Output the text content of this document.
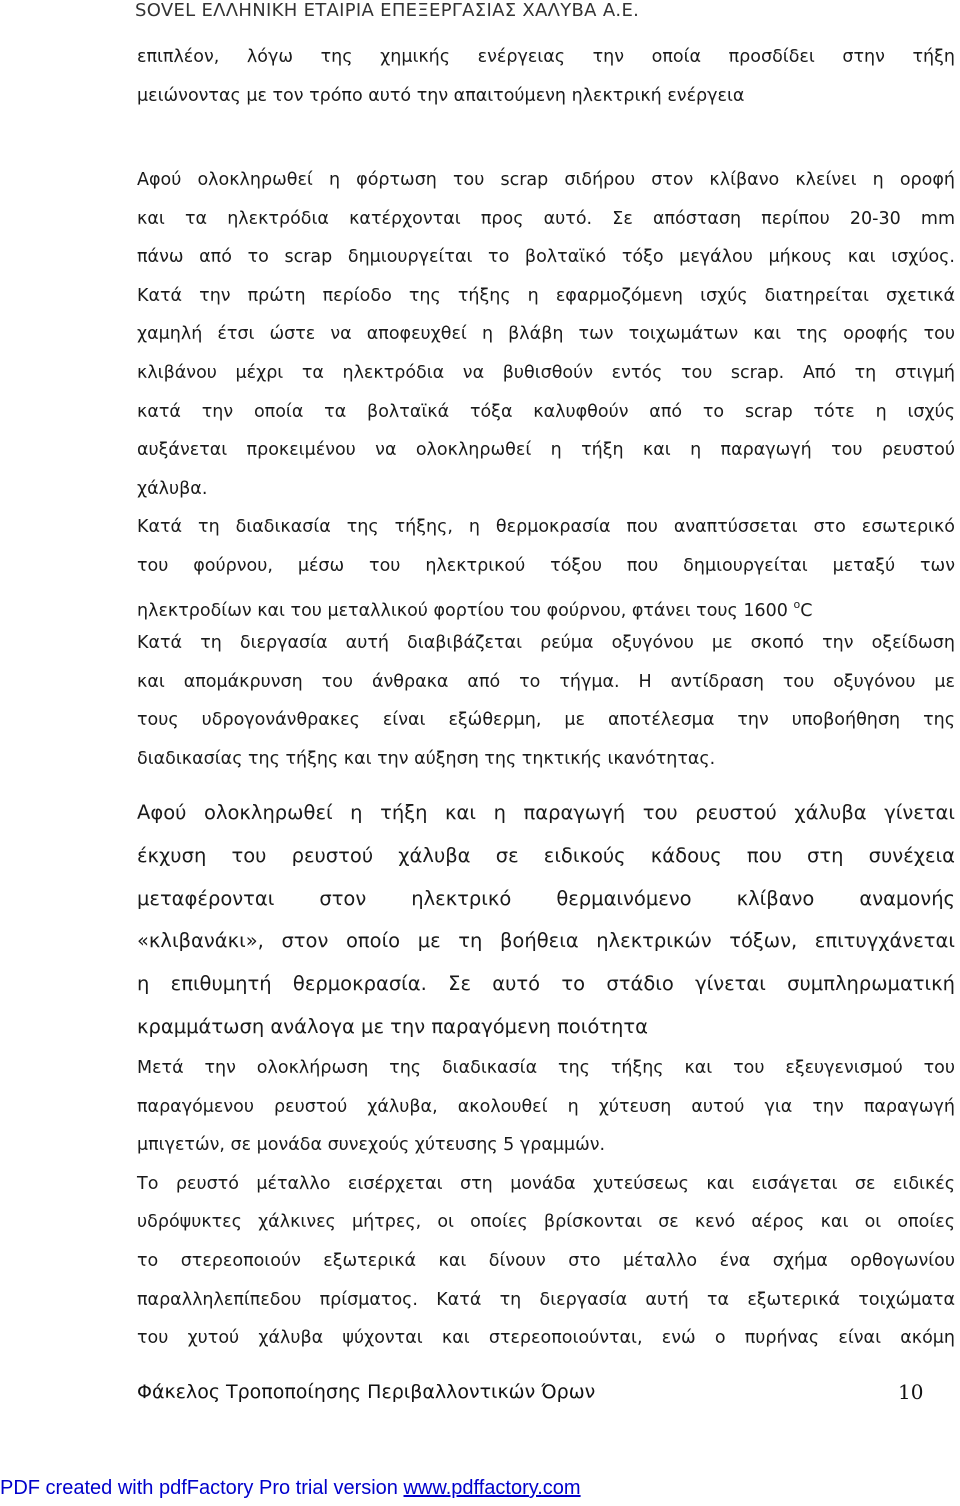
SOVEL ΕΛΛΗΝΙΚΗ ΕΤΑΙΡΙΑ ΕΠΕΞΕΡΓΑΣΙΑΣ ΧΑΛΥΒΑ Α.Ε.
επιπλέον, λόγω της χημικής ενέργειας την οποία προσδίδει στην τήξη
μειώνοντας με τον τρόπο αυτό την απαιτούμενη ηλεκτρική ενέργεια
Αφού ολοκληρωθεί η φόρτωση του scrap σιδήρου στον κλίβανο κλείνει η οροφή
και τα ηλεκτρόδια κατέρχονται προς αυτό. Σε απόσταση περίπου 20-30 mm
πάνω από το scrap δημιουργείται το βολταϊκό τόξο μεγάλου μήκους και ισχύος.
Κατά την πρώτη περίοδο της τήξης η εφαρμοζόμενη ισχύς διατηρείται σχετικά
χαμηλή έτσι ώστε να αποφευχθεί η βλάβη των τοιχωμάτων και της οροφής του
κλιβάνου μέχρι τα ηλεκτρόδια να βυθισθούν εντός του scrap. Από τη στιγμή
κατά την οποία τα βολταϊκά τόξα καλυφθούν από το scrap τότε η ισχύς
αυξάνεται προκειμένου να ολοκληρωθεί η τήξη και η παραγωγή του ρευστού
χάλυβα.
Κατά τη διαδικασία της τήξης, η θερμοκρασία που αναπτύσσεται στο εσωτερικό
του φούρνου, μέσω του ηλεκτρικού τόξου που δημιουργείται μεταξύ των
ηλεκτροδίων και του μεταλλικού φορτίου του φούρνου, φτάνει τους 1600 $^o$C
Κατά τη διεργασία αυτή διαβιβάζεται ρεύμα οξυγόνου με σκοπό την οξείδωση
και απομάκρυνση του άνθρακα από το τήγμα. Η αντίδραση του οξυγόνου με
τους υδρογονάνθρακες είναι εξώθερμη, με αποτέλεσμα την υποβοήθηση της
διαδικασίας της τήξης και την αύξηση της τηκτικής ικανότητας.
Αφού ολοκληρωθεί η τήξη και η παραγωγή του ρευστού χάλυβα γίνεται
έκχυση του ρευστού χάλυβα σε ειδικούς κάδους που στη συνέχεια
μεταφέρονται στον ηλεκτρικό θερμαινόμενο κλίβανο αναμονής
«κλιβανάκι», στον οποίο με τη βοήθεια ηλεκτρικών τόξων, επιτυγχάνεται
η επιθυμητή θερμοκρασία. Σε αυτό το στάδιο γίνεται συμπληρωματική
κραμμάτωση ανάλογα με την παραγόμενη ποιότητα
Μετά την ολοκλήρωση της διαδικασία της τήξης και του εξευγενισμού του
παραγόμενου ρευστού χάλυβα, ακολουθεί η χύτευση αυτού για την παραγωγή
μπιγετών, σε μονάδα συνεχούς χύτευσης 5 γραμμών.
Το ρευστό μέταλλο εισέρχεται στη μονάδα χυτεύσεως και εισάγεται σε ειδικές
υδρόψυκτες χάλκινες μήτρες, οι οποίες βρίσκονται σε κενό αέρος και οι οποίες
το στερεοποιούν εξωτερικά και δίνουν στο μέταλλο ένα σχήμα ορθογωνίου
παραλληλεπίπεδου πρίσματος. Κατά τη διεργασία αυτή τα εξωτερικά τοιχώματα
του χυτού χάλυβα ψύχονται και στερεοποιούνται, ενώ ο πυρήνας είναι ακόμη
Φάκελος Τροποποίησης Περιβαλλοντικών Όρων	10
PDF created with pdfFactory Pro trial version www.pdffactory.com
